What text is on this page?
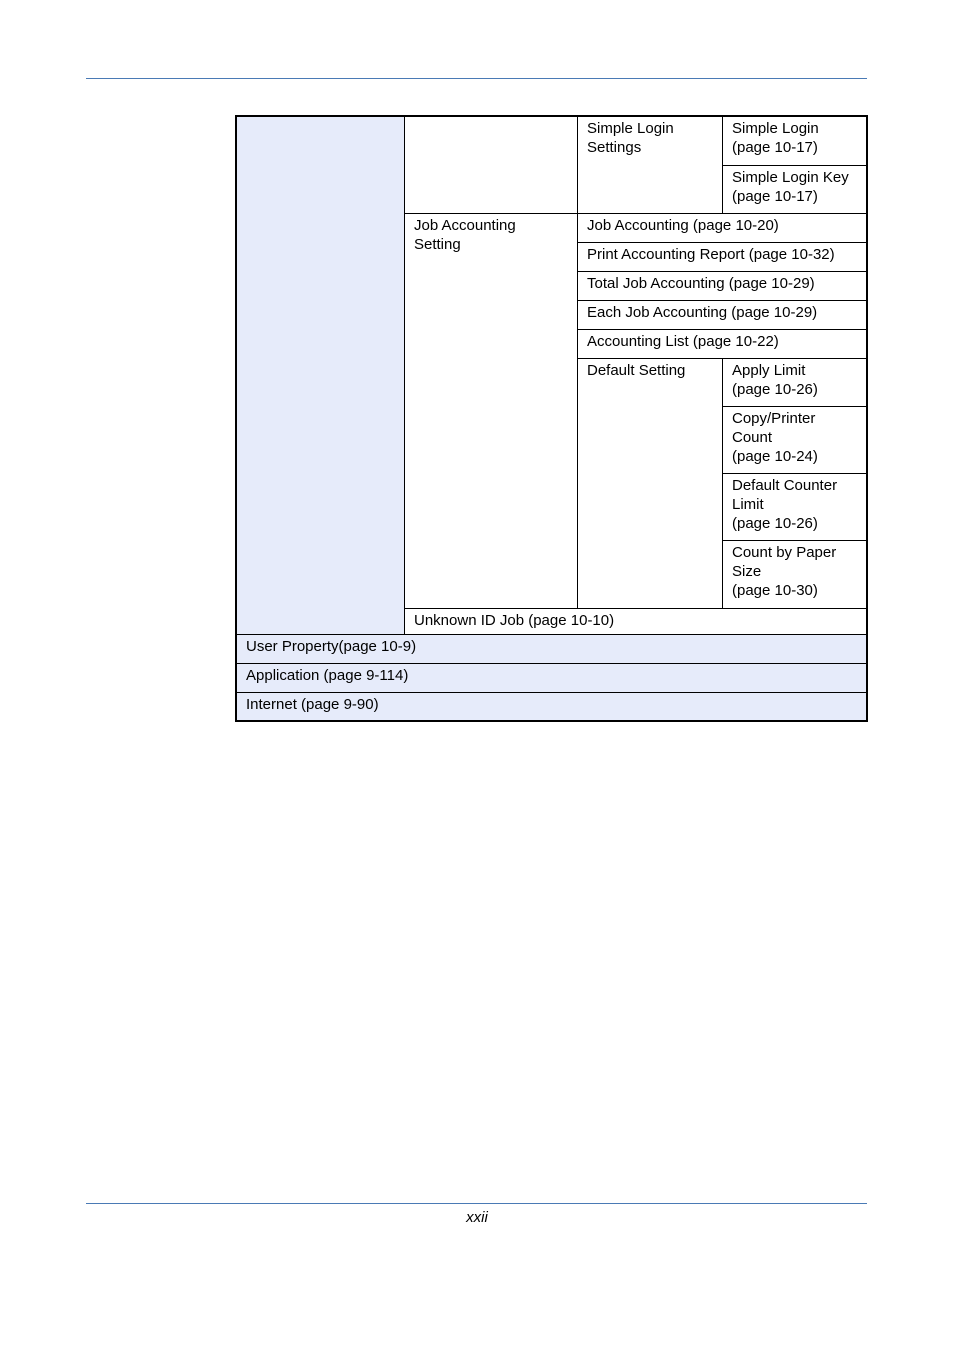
Simple Login
Settings
Simple Login
(page 10-17)
Simple Login Key
(page 10-17)
Job Accounting
Setting
Job Accounting (page 10-20)
Print Accounting Report (page 10-32)
Total Job Accounting (page 10-29)
Each Job Accounting (page 10-29)
Accounting List (page 10-22)
Default Setting	Apply Limit
(page 10-26)
Copy/Printer
Count
(page 10-24)
Default Counter
Limit
(page 10-26)
Count by Paper
Size
(page 10-30)
Unknown ID Job (page 10-10)
User Property(page 10-9)
Application (page 9-114)
Internet (page 9-90)
xxii
